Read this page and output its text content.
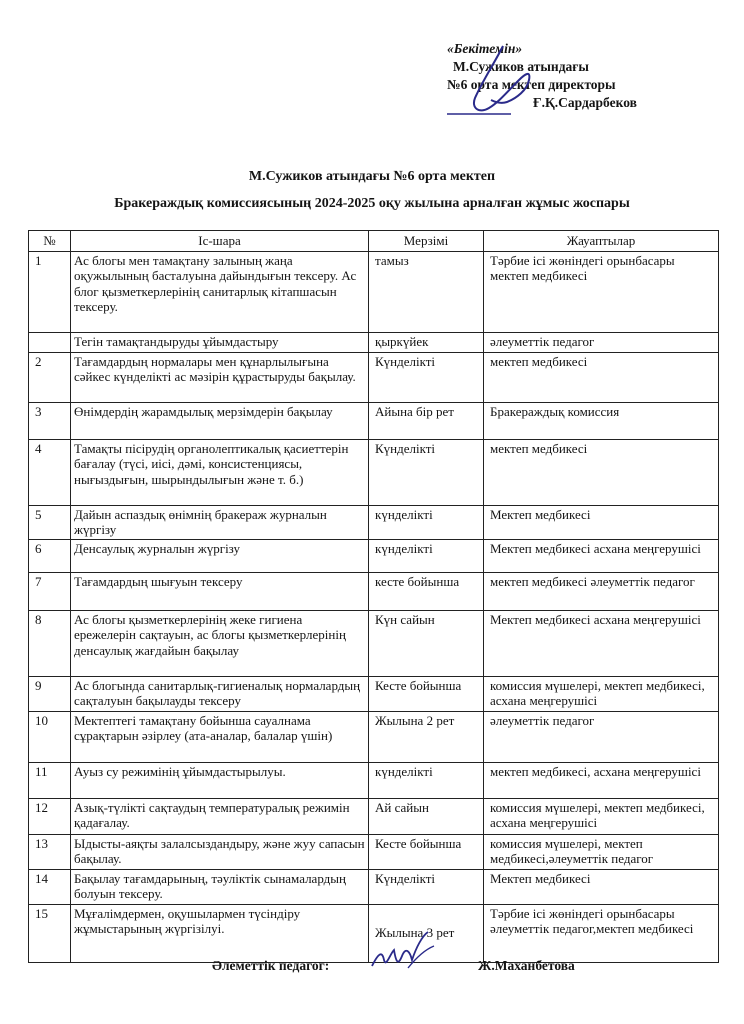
«Бекітемін»
М.Сужиков атындағы
№6 орта мектеп директоры
Ғ.Қ.Сардарбеков
М.Сужиков атындағы №6 орта мектеп
Бракераждық комиссиясының 2024-2025 оқу жылына арналған жұмыс жоспары
№	Іс-шара	Мерзімі	Жауаптылар
1	Ас блогы мен тамақтану залының жаңа оқужылының басталуына дайындығын тексеру. Ас блог қызметкерлерінің санитарлық кітапшасын тексеру.	тамыз	Тәрбие ісі жөніндегі орынбасары мектеп медбикесі
	Тегін тамақтандыруды ұйымдастыру	қыркүйек	әлеуметтік педагог
2	Тағамдардың нормалары мен құнарлылығына сәйкес күнделікті ас мәзірін құрастыруды бақылау.	Күнделікті	мектеп медбикесі
3	Өнімдердің жарамдылық мерзімдерін бақылау	Айына бір рет	Бракераждық комиссия
4	Тамақты пісірудің органолептикалық қасиеттерін бағалау (түсі, иісі, дәмі, консистенциясы, нығыздығын, шырындылығын және т. б.)	Күнделікті	мектеп медбикесі
5	Дайын аспаздық өнімнің бракераж журналын жүргізу	күнделікті	Мектеп медбикесі
6	Денсаулық журналын жүргізу	күнделікті	Мектеп медбикесі асхана меңгерушісі
7	Тағамдардың шығуын тексеру	кесте бойынша	мектеп медбикесі әлеуметтік педагог
8	Ас блогы қызметкерлерінің жеке гигиена ережелерін сақтауын, ас блогы қызметкерлерінің денсаулық жағдайын бақылау	Күн сайын	Мектеп медбикесі асхана меңгерушісі
9	Ас блогында санитарлық-гигиеналық нормалардың сақталуын бақылауды тексеру	Кесте бойынша	комиссия мүшелері, мектеп медбикесі, асхана меңгерушісі
10	Мектептегі тамақтану бойынша сауалнама сұрақтарын әзірлеу (ата-аналар, балалар үшін)	Жылына 2 рет	әлеуметтік педагог
11	Ауыз су режимінің ұйымдастырылуы.	күнделікті	мектеп медбикесі, асхана меңгерушісі
12	Азық-түлікті сақтаудың температуралық режимін қадағалау.	Ай сайын	комиссия мүшелері, мектеп медбикесі, асхана меңгерушісі
13	Ыдысты-аяқты залалсыздандыру, және жуу сапасын бақылау.	Кесте бойынша	комиссия мүшелері, мектеп медбикесі,әлеуметтік педагог
14	Бақылау тағамдарының, тәуліктік сынамалардың болуын тексеру.	Күнделікті	Мектеп медбикесі
15	Мұғалімдермен, оқушылармен түсіндіру жұмыстарының жүргізілуі.	Жылына 3 рет	Тәрбие ісі жөніндегі орынбасары әлеуметтік педагог,мектеп медбикесі
Әлеметтік педагог:	Ж.Маханбетова
